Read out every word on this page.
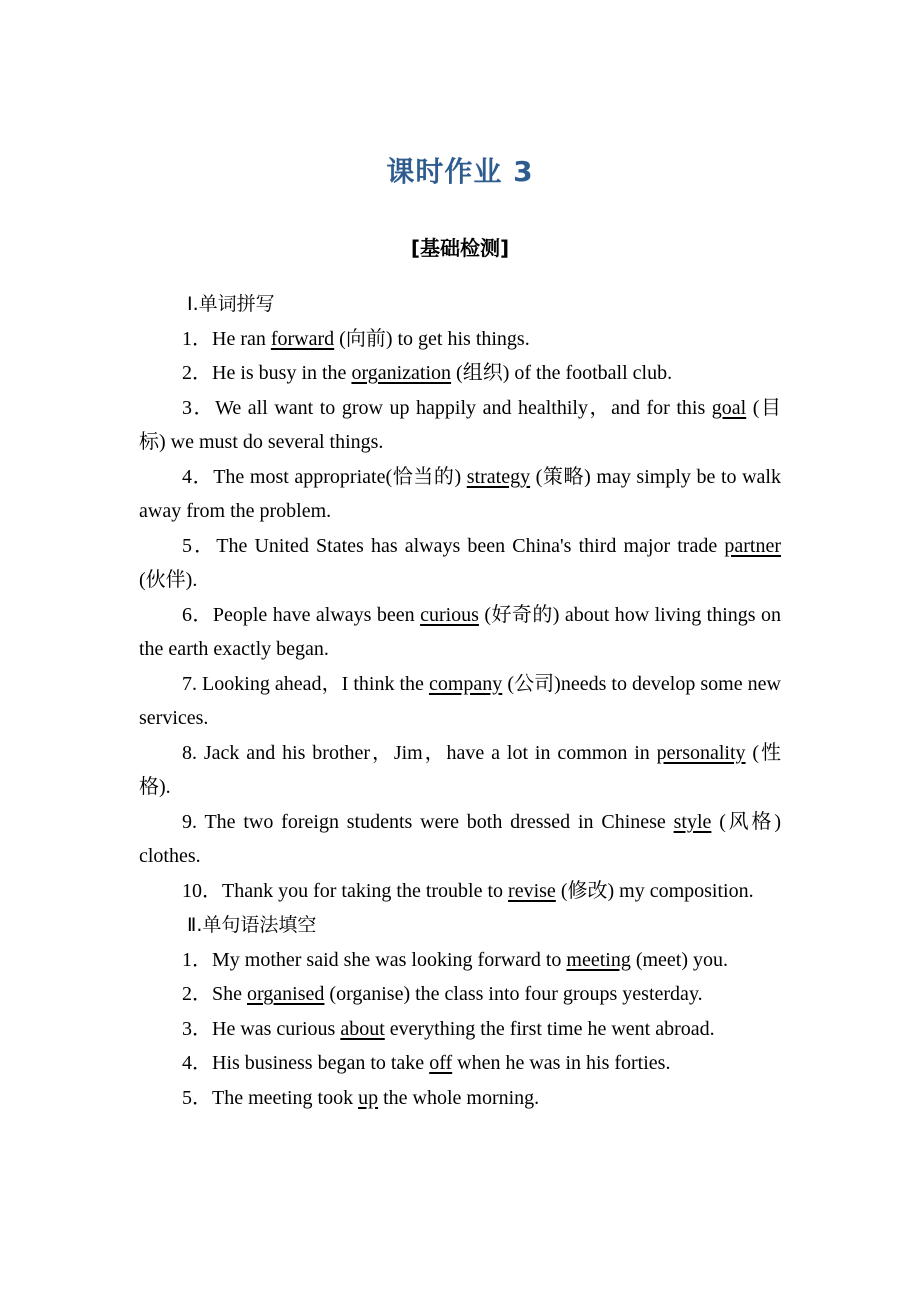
课时作业 3
[基础检测]
Ⅰ.单词拼写
1．He ran forward (向前) to get his things.
2．He is busy in the organization (组织) of the football club.
3．We all want to grow up happily and healthily，and for this goal (目标) we must do several things.
4．The most appropriate(恰当的) strategy (策略) may simply be to walk away from the problem.
5．The United States has always been China's third major trade partner (伙伴).
6．People have always been curious (好奇的) about how living things on the earth exactly began.
7. Looking ahead，I think the company (公司)needs to develop some new services.
8. Jack and his brother，Jim，have a lot in common in personality (性格).
9. The two foreign students were both dressed in Chinese style (风格) clothes.
10．Thank you for taking the trouble to revise (修改) my composition.
Ⅱ.单句语法填空
1．My mother said she was looking forward to meeting (meet) you.
2．She organised (organise) the class into four groups yesterday.
3．He was curious about everything the first time he went abroad.
4．His business began to take off when he was in his forties.
5．The meeting took up the whole morning.
